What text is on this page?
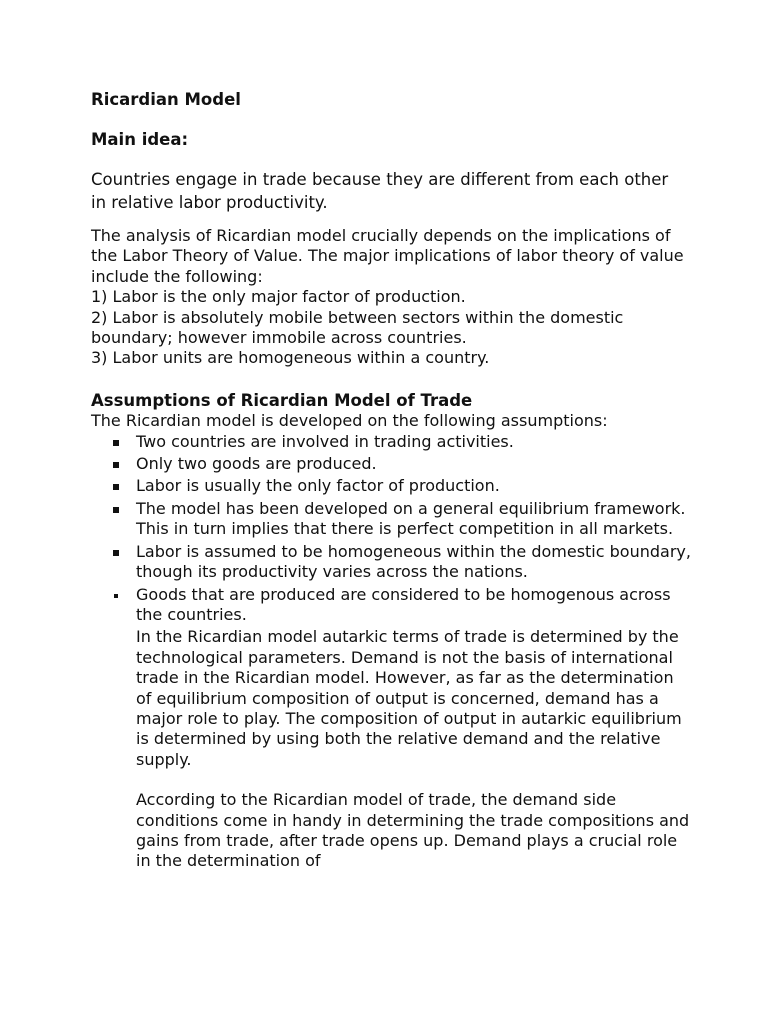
Ricardian Model

Main idea:

Countries engage in trade because they are different from each other in relative labor productivity.

The analysis of Ricardian model crucially depends on the implications of the Labor Theory of Value. The major implications of labor theory of value include the following:

1) Labor is the only major factor of production.

2) Labor is absolutely mobile between sectors within the domestic boundary; however immobile across countries.

3) Labor units are homogeneous within a country.

Assumptions of Ricardian Model of Trade

The Ricardian model is developed on the following assumptions:

Two countries are involved in trading activities.
Only two goods are produced.
Labor is usually the only factor of production.
The model has been developed on a general equilibrium framework. This in turn implies that there is perfect competition in all markets.
Labor is assumed to be homogeneous within the domestic boundary, though its productivity varies across the nations.
Goods that are produced are considered to be homogenous across the countries.

In the Ricardian model autarkic terms of trade is determined by the technological parameters. Demand is not the basis of international trade in the Ricardian model. However, as far as the determination of equilibrium composition of output is concerned, demand has a major role to play. The composition of output in autarkic equilibrium is determined by using both the relative demand and the relative supply.

According to the Ricardian model of trade, the demand side conditions come in handy in determining the trade compositions and gains from trade, after trade opens up. Demand plays a crucial role in the determination of
